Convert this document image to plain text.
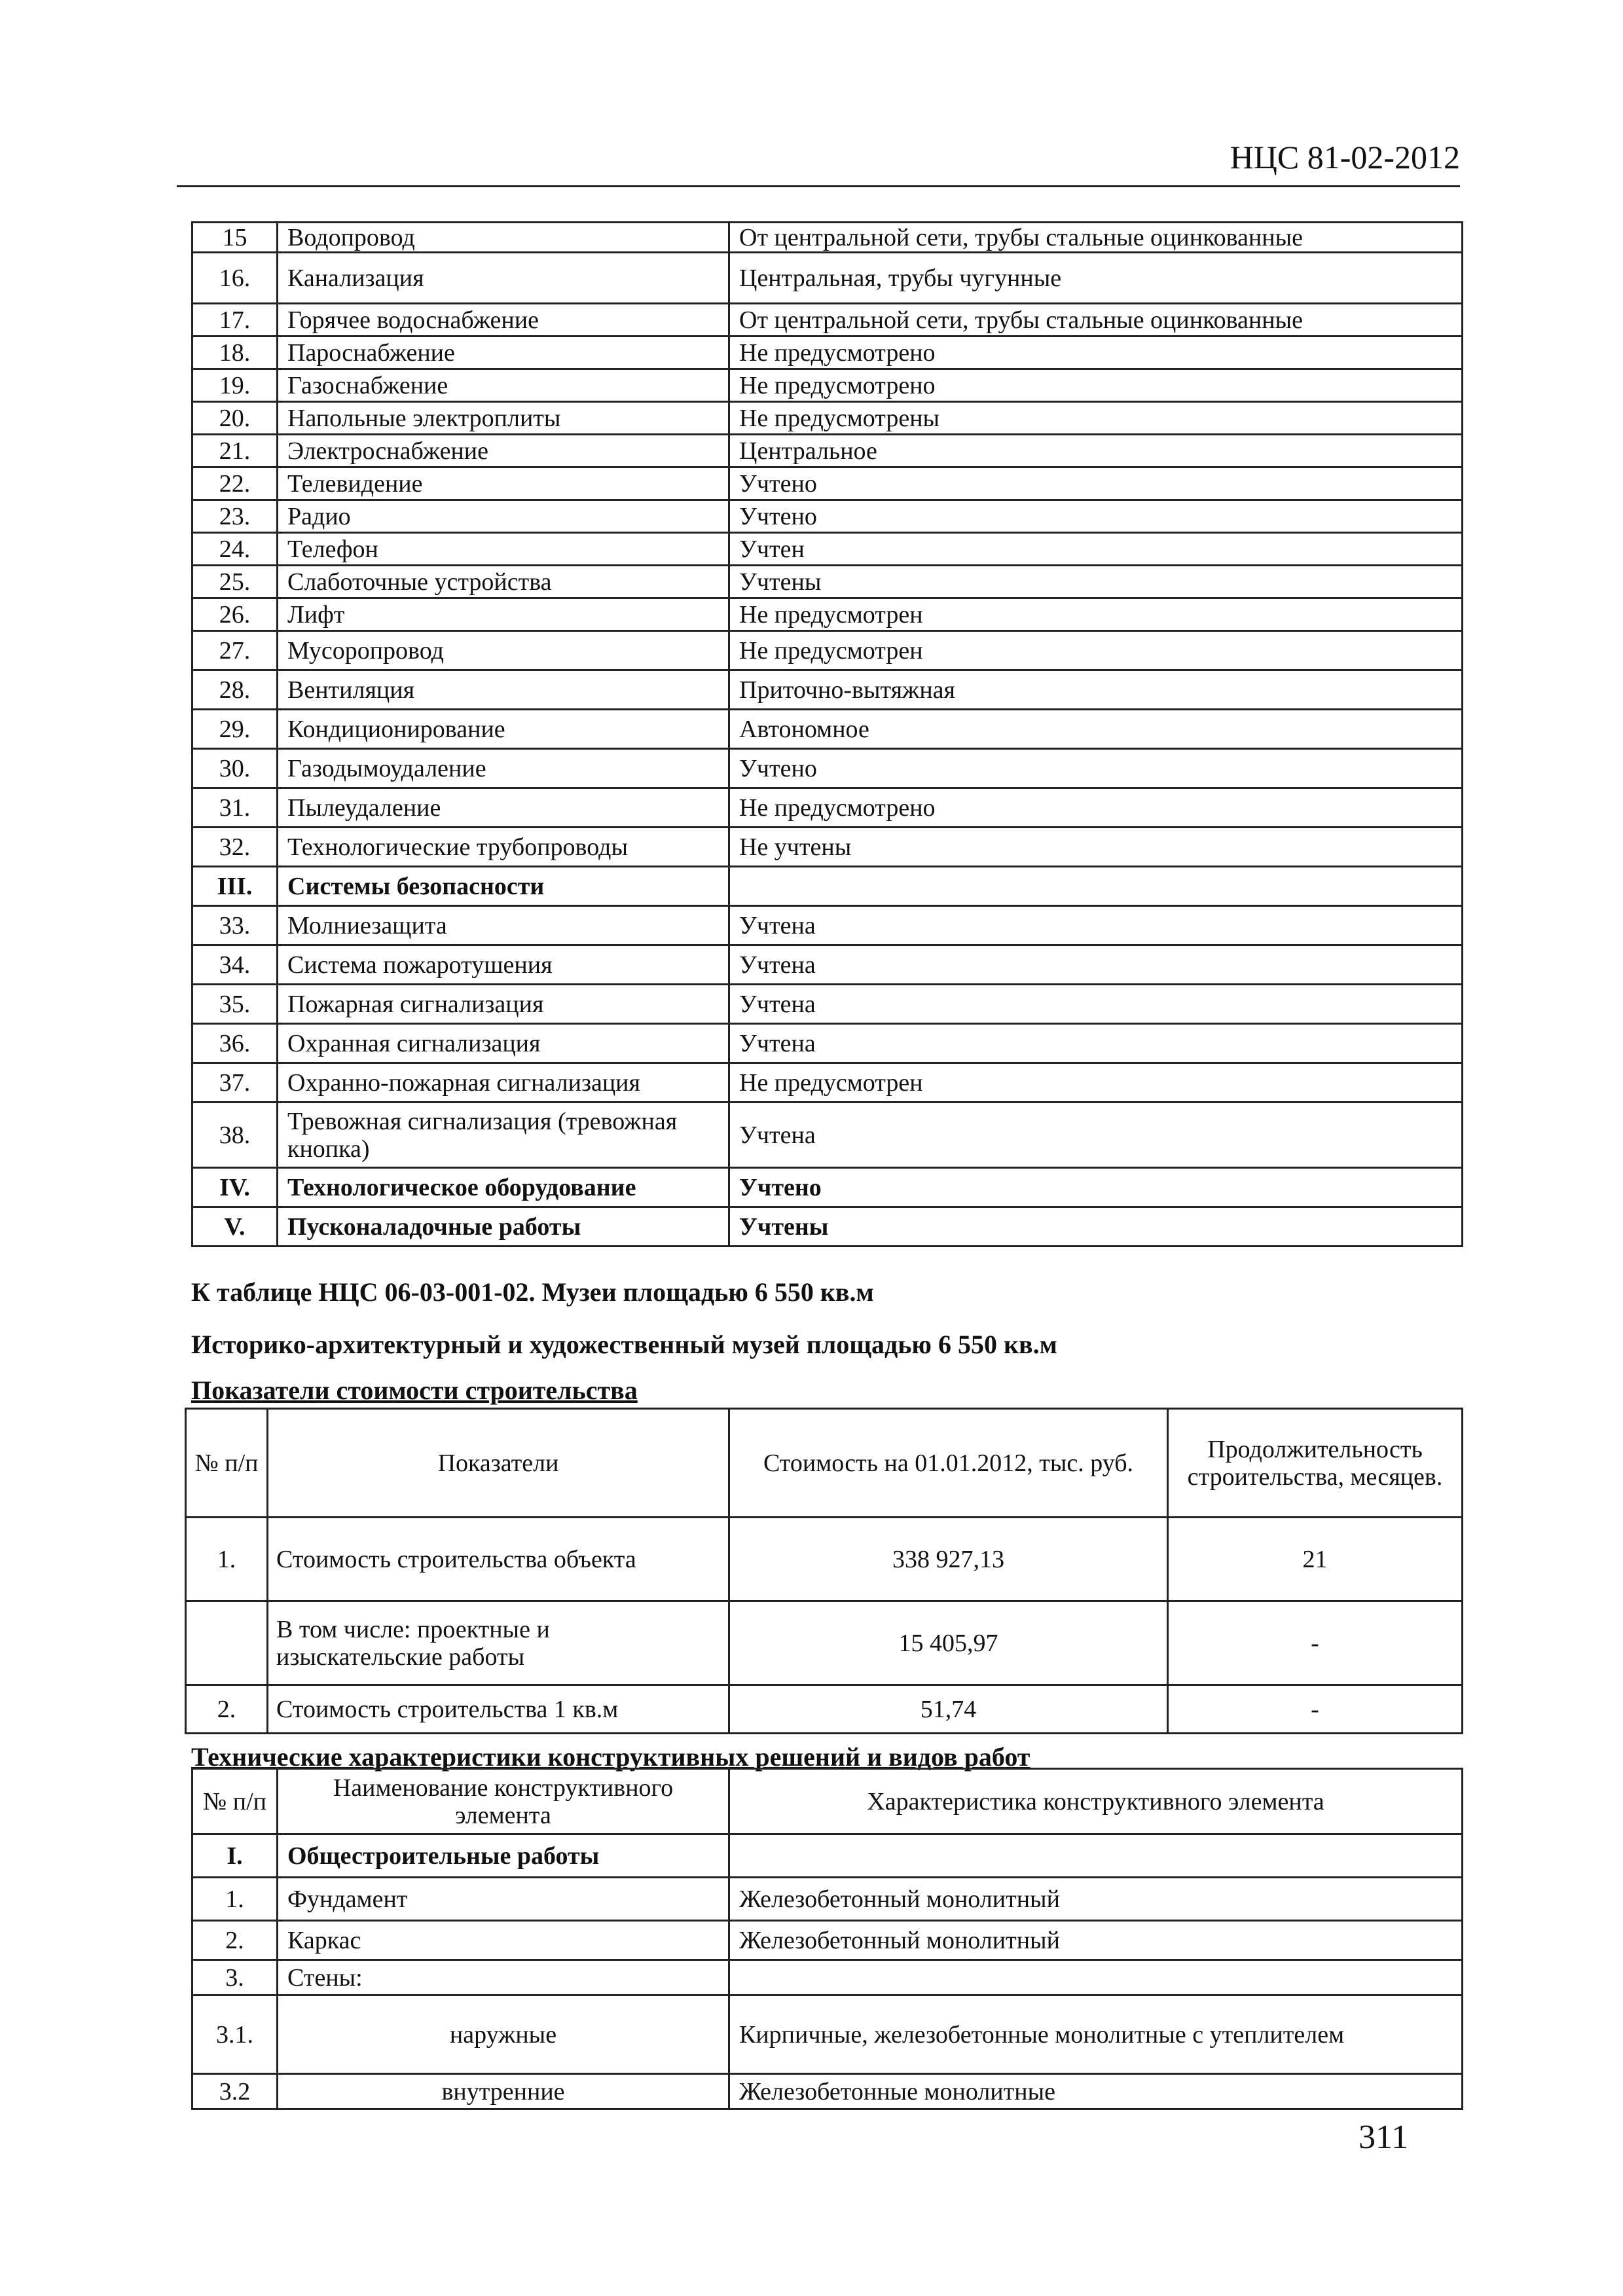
НЦС 81-02-2012
15	Водопровод	От центральной сети, трубы стальные оцинкованные
16.	Канализация	Центральная, трубы чугунные
17.	Горячее водоснабжение	От центральной сети, трубы стальные оцинкованные
18.	Пароснабжение	Не предусмотрено
19.	Газоснабжение	Не предусмотрено
20.	Напольные электроплиты	Не предусмотрены
21.	Электроснабжение	Центральное
22.	Телевидение	Учтено
23.	Радио	Учтено
24.	Телефон	Учтен
25.	Слаботочные устройства	Учтены
26.	Лифт	Не предусмотрен
27.	Мусоропровод	Не предусмотрен
28.	Вентиляция	Приточно-вытяжная
29.	Кондиционирование	Автономное
30.	Газодымоудаление	Учтено
31.	Пылеудаление	Не предусмотрено
32.	Технологические трубопроводы	Не учтены
III.	Системы безопасности	
33.	Молниезащита	Учтена
34.	Система пожаротушения	Учтена
35.	Пожарная сигнализация	Учтена
36.	Охранная сигнализация	Учтена
37.	Охранно-пожарная сигнализация	Не предусмотрен
38.	Тревожная сигнализация (тревожная кнопка)	Учтена
IV.	Технологическое оборудование	Учтено
V.	Пусконаладочные работы	Учтены
К таблице НЦС 06-03-001-02. Музеи площадью 6 550 кв.м
Историко-архитектурный и художественный музей площадью 6 550 кв.м
Показатели стоимости строительства
№ п/п	Показатели	Стоимость на 01.01.2012, тыс. руб.	Продолжительность строительства, месяцев.
1.	Стоимость строительства объекта	338 927,13	21
	В том числе: проектные и изыскательские работы	15 405,97	-
2.	Стоимость строительства 1 кв.м	51,74	-
Технические характеристики конструктивных решений и видов работ
№ п/п	Наименование конструктивного элемента	Характеристика конструктивного элемента
I.	Общестроительные работы	
1.	Фундамент	Железобетонный монолитный
2.	Каркас	Железобетонный монолитный
3.	Стены:	
3.1.	наружные	Кирпичные, железобетонные монолитные с утеплителем
3.2	внутренние	Железобетонные монолитные
311
